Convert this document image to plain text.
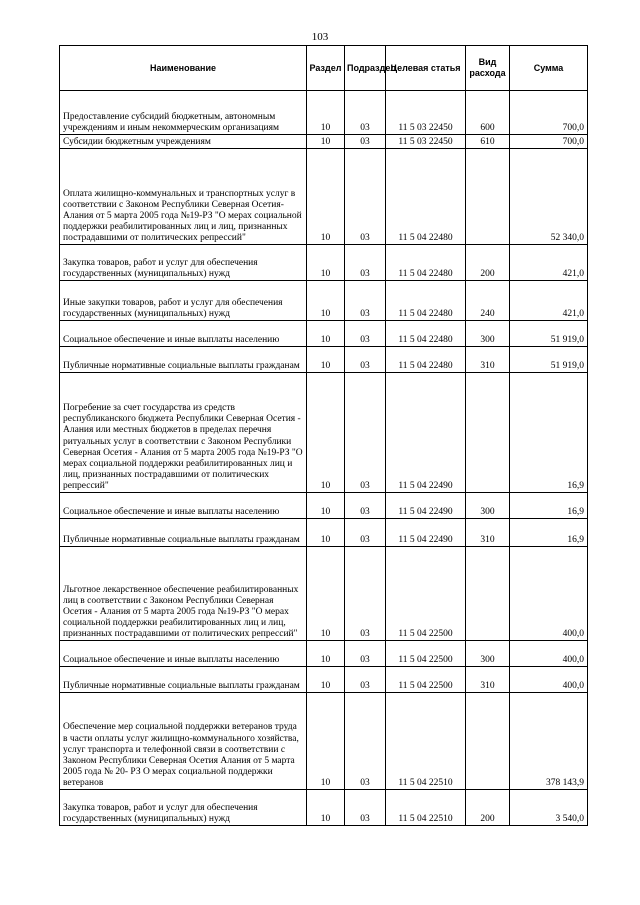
103
Наименование	Раздел	Подраздел	Целевая статья	Вид расхода	Сумма
Предоставление субсидий бюджетным, автономным учреждениям и иным некоммерческим организациям	10	03	11 5 03 22450	600	700,0
Субсидии бюджетным учреждениям	10	03	11 5 03 22450	610	700,0
Оплата жилищно-коммунальных и транспортных услуг в соответствии с Законом Республики Северная Осетия-Алания от 5 марта 2005 года №19-РЗ "О мерах социальной поддержки реабилитированных лиц и лиц, признанных пострадавшими от политических репрессий"	10	03	11 5 04 22480		52 340,0
Закупка товаров, работ и услуг для обеспечения государственных (муниципальных) нужд	10	03	11 5 04 22480	200	421,0
Иные закупки товаров, работ и услуг для обеспечения государственных (муниципальных) нужд	10	03	11 5 04 22480	240	421,0
Социальное обеспечение и иные выплаты населению	10	03	11 5 04 22480	300	51 919,0
Публичные нормативные социальные выплаты гражданам	10	03	11 5 04 22480	310	51 919,0
Погребение за счет государства из средств республиканского бюджета Республики Северная Осетия - Алания или местных бюджетов в пределах перечня ритуальных услуг в соответствии с Законом Республики Северная Осетия - Алания от 5 марта 2005 года №19-РЗ "О мерах социальной поддержки реабилитированных лиц и лиц, признанных пострадавшими от политических репрессий"	10	03	11 5 04 22490		16,9
Социальное обеспечение и иные выплаты населению	10	03	11 5 04 22490	300	16,9
Публичные нормативные социальные выплаты гражданам	10	03	11 5 04 22490	310	16,9
Льготное лекарственное обеспечение реабилитированных лиц в соответствии с Законом Республики Северная Осетия - Алания от 5 марта 2005 года №19-РЗ "О мерах социальной поддержки реабилитированных лиц и лиц, признанных пострадавшими от политических репрессий"	10	03	11 5 04 22500		400,0
Социальное обеспечение и иные выплаты населению	10	03	11 5 04 22500	300	400,0
Публичные нормативные социальные выплаты гражданам	10	03	11 5 04 22500	310	400,0
Обеспечение мер социальной поддержки ветеранов труда в части оплаты услуг жилищно-коммунального хозяйства, услуг транспорта и телефонной связи в соответствии с Законом Республики Северная Осетия Алания от 5 марта 2005 года № 20- РЗ О мерах социальной поддержки ветеранов	10	03	11 5 04 22510		378 143,9
Закупка товаров, работ и услуг для обеспечения государственных (муниципальных) нужд	10	03	11 5 04 22510	200	3 540,0
